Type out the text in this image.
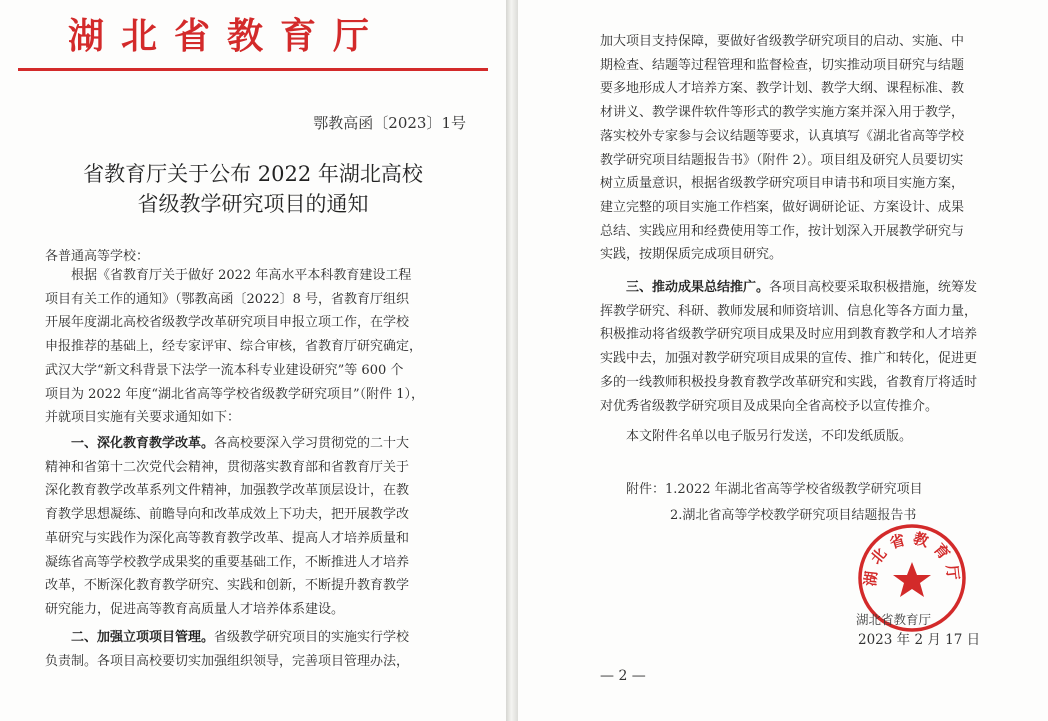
湖北省教育厅
鄂教高函〔2023〕1号
省教育厅关于公布 2022 年湖北高校
省级教学研究项目的通知
各普通高等学校：
根据《省教育厅关于做好 2022 年高水平本科教育建设工程
项目有关工作的通知》（鄂教高函〔2022〕8 号，省教育厅组织
开展年度湖北高校省级教学改革研究项目申报立项工作，在学校
申报推荐的基础上，经专家评审、综合审核，省教育厅研究确定，
武汉大学“新文科背景下法学一流本科专业建设研究”等 600 个
项目为 2022 年度“湖北省高等学校省级教学研究项目”（附件 1），
并就项目实施有关要求通知如下：
一、深化教育教学改革。各高校要深入学习贯彻党的二十大
精神和省第十二次党代会精神，贯彻落实教育部和省教育厅关于
深化教育教学改革系列文件精神，加强教学改革顶层设计，在教
育教学思想凝练、前瞻导向和改革成效上下功夫，把开展教学改
革研究与实践作为深化高等教育教学改革、提高人才培养质量和
凝练省高等学校教学成果奖的重要基础工作，不断推进人才培养
改革，不断深化教育教学研究、实践和创新，不断提升教育教学
研究能力，促进高等教育高质量人才培养体系建设。
二、加强立项项目管理。省级教学研究项目的实施实行学校
负责制。各项目高校要切实加强组织领导，完善项目管理办法，
加大项目支持保障，要做好省级教学研究项目的启动、实施、中
期检查、结题等过程管理和监督检查，切实推动项目研究与结题
要多地形成人才培养方案、教学计划、教学大纲、课程标准、教
材讲义、教学课件软件等形式的教学实施方案并深入用于教学，
落实校外专家参与会议结题等要求，认真填写《湖北省高等学校
教学研究项目结题报告书》（附件 2）。项目组及研究人员要切实
树立质量意识，根据省级教学研究项目申请书和项目实施方案，
建立完整的项目实施工作档案，做好调研论证、方案设计、成果
总结、实践应用和经费使用等工作，按计划深入开展教学研究与
实践，按期保质完成项目研究。
三、推动成果总结推广。各项目高校要采取积极措施，统筹发
挥教学研究、科研、教师发展和师资培训、信息化等各方面力量，
积极推动将省级教学研究项目成果及时应用到教育教学和人才培养
实践中去，加强对教学研究项目成果的宣传、推广和转化，促进更
多的一线教师积极投身教育教学改革研究和实践，省教育厅将适时
对优秀省级教学研究项目及成果向全省高校予以宣传推介。
本文附件名单以电子版另行发送，不印发纸质版。
附件：1.2022 年湖北省高等学校省级教学研究项目
2.湖北省高等学校教学研究项目结题报告书
— 2 —
湖北省教育厅
湖北省教育厅
2023 年 2 月 17 日
